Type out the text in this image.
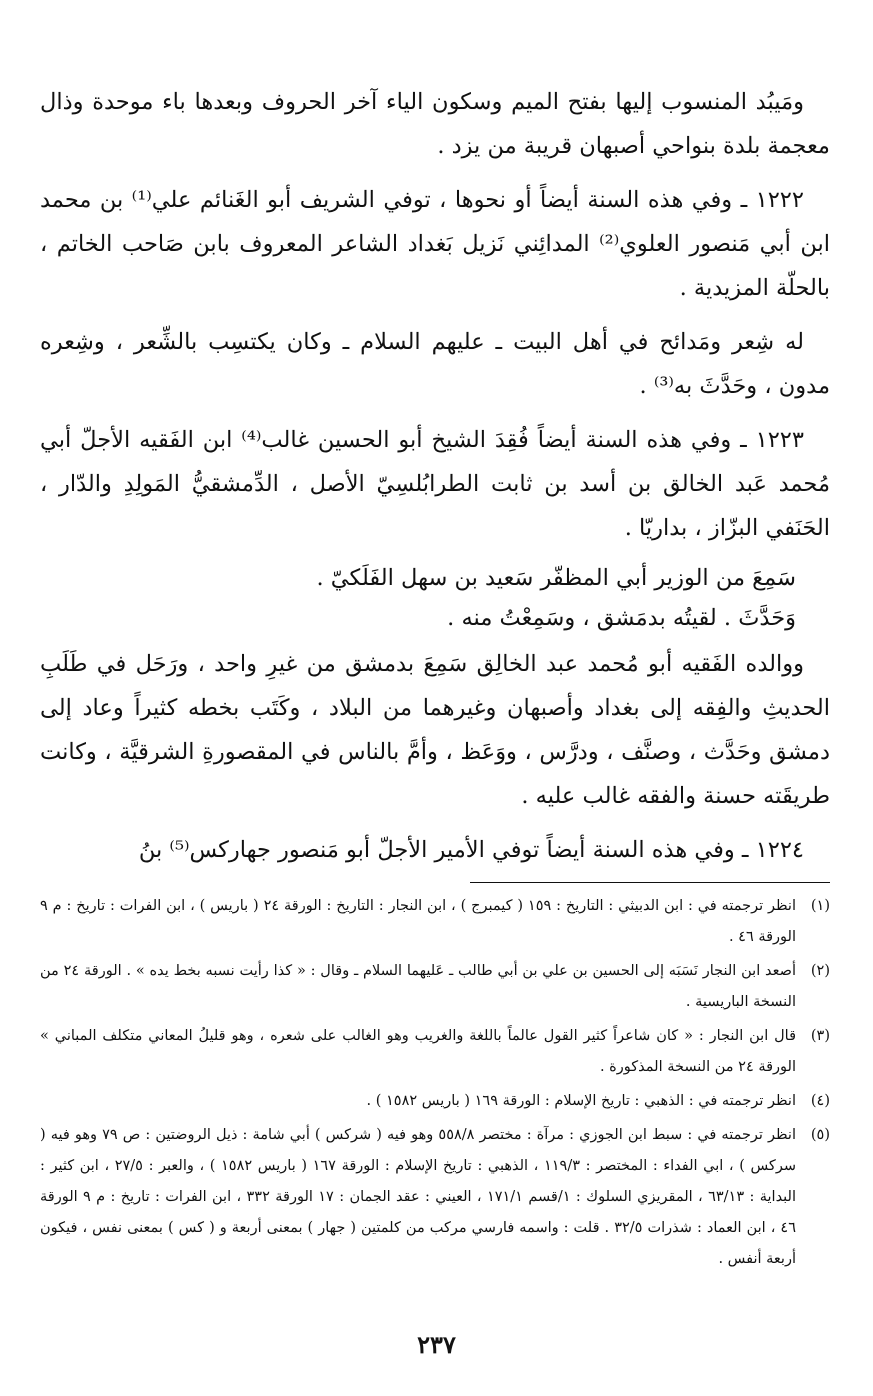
ومَيبُد المنسوب إليها بفتح الميم وسكون الياء آخر الحروف وبعدها باء موحدة وذال معجمة بلدة بنواحي أصبهان قريبة من يزد .

١٢٢٢ ـ وفي هذه السنة أيضاً أو نحوها ، توفي الشريف أبو الغَنائم علي⁽¹⁾ بن محمد ابن أبي مَنصور العلوي⁽²⁾ المدائِني نَزيل بَغداد الشاعر المعروف بابن صَاحب الخاتم ، بالحلّة المزيدية .

له شِعر ومَدائح في أهل البيت ـ عليهم السلام ـ وكان يكتسِب بالشِّعر ، وشِعره مدون ، وحَدَّثَ به⁽³⁾ .

١٢٢٣ ـ وفي هذه السنة أيضاً فُقِدَ الشيخ أبو الحسين غالب⁽⁴⁾ ابن الفَقيه الأجلّ أبي مُحمد عَبد الخالق بن أسد بن ثابت الطرابُلسِيّ الأصل ، الدِّمشقيُّ المَولِدِ والدّار ، الحَنَفي البزّاز ، بداريّا .

سَمِعَ من الوزير أبي المظفّر سَعيد بن سهل الفَلَكيّ .

وَحَدَّثَ . لقيتُه بدمَشق ، وسَمِعْتُ منه .

ووالده الفَقيه أبو مُحمد عبد الخالِق سَمِعَ بدمشق من غيرِ واحد ، ورَحَل في طَلَبِ الحديثِ والفِقه إلى بغداد وأصبهان وغيرهما من البلاد ، وكَتَب بخطه كثيراً وعاد إلى دمشق وحَدَّث ، وصنَّف ، ودرَّس ، ووَعَظ ، وأمَّ بالناس في المقصورةِ الشرقيَّة ، وكانت طريقَته حسنة والفقه غالب عليه .

١٢٢٤ ـ وفي هذه السنة أيضاً توفي الأمير الأجلّ أبو مَنصور جهاركس⁽⁵⁾ بنُ

(١)
انظر ترجمته في : ابن الدبيثي : التاريخ : ١٥٩ ( كيمبرج ) ، ابن النجار : التاريخ : الورقة ٢٤ ( باريس ) ، ابن الفرات : تاريخ : م ٩ الورقة ٤٦ .

(٢)
أصعد ابن النجار نَسَبَه إلى الحسين بن علي بن أبي طالب ـ عَليهما السلام ـ وقال : « كذا رأيت نسبه بخط يده » . الورقة ٢٤ من النسخة الباريسية .

(٣)
قال ابن النجار : « كان شاعراً كثير القول عالماً باللغة والغريب وهو الغالب على شعره ، وهو قليلُ المعاني متكلف المباني » الورقة ٢٤ من النسخة المذكورة .

(٤)
انظر ترجمته في : الذهبي : تاريخ الإسلام : الورقة ١٦٩ ( باريس ١٥٨٢ ) .

(٥)
انظر ترجمته في : سبط ابن الجوزي : مرآة : مختصر ٥٥٨/٨ وهو فيه ( شركس ) أبي شامة : ذيل الروضتين : ص ٧٩ وهو فيه ( سركس ) ، ابي الفداء : المختصر : ١١٩/٣ ، الذهبي : تاريخ الإسلام : الورقة ١٦٧ ( باريس ١٥٨٢ ) ، والعبر : ٢٧/٥ ، ابن كثير : البداية : ٦٣/١٣ ، المقريزي السلوك : ١/قسم ١٧١/١ ، العيني : عقد الجمان : ١٧ الورقة ٣٣٢ ، ابن الفرات : تاريخ : م ٩ الورقة ٤٦ ، ابن العماد : شذرات ٣٢/٥ . قلت : واسمه فارسي مركب من كلمتين ( جهار ) بمعنى أربعة و ( كس ) بمعنى نفس ، فيكون أربعة أنفس .

٢٣٧
